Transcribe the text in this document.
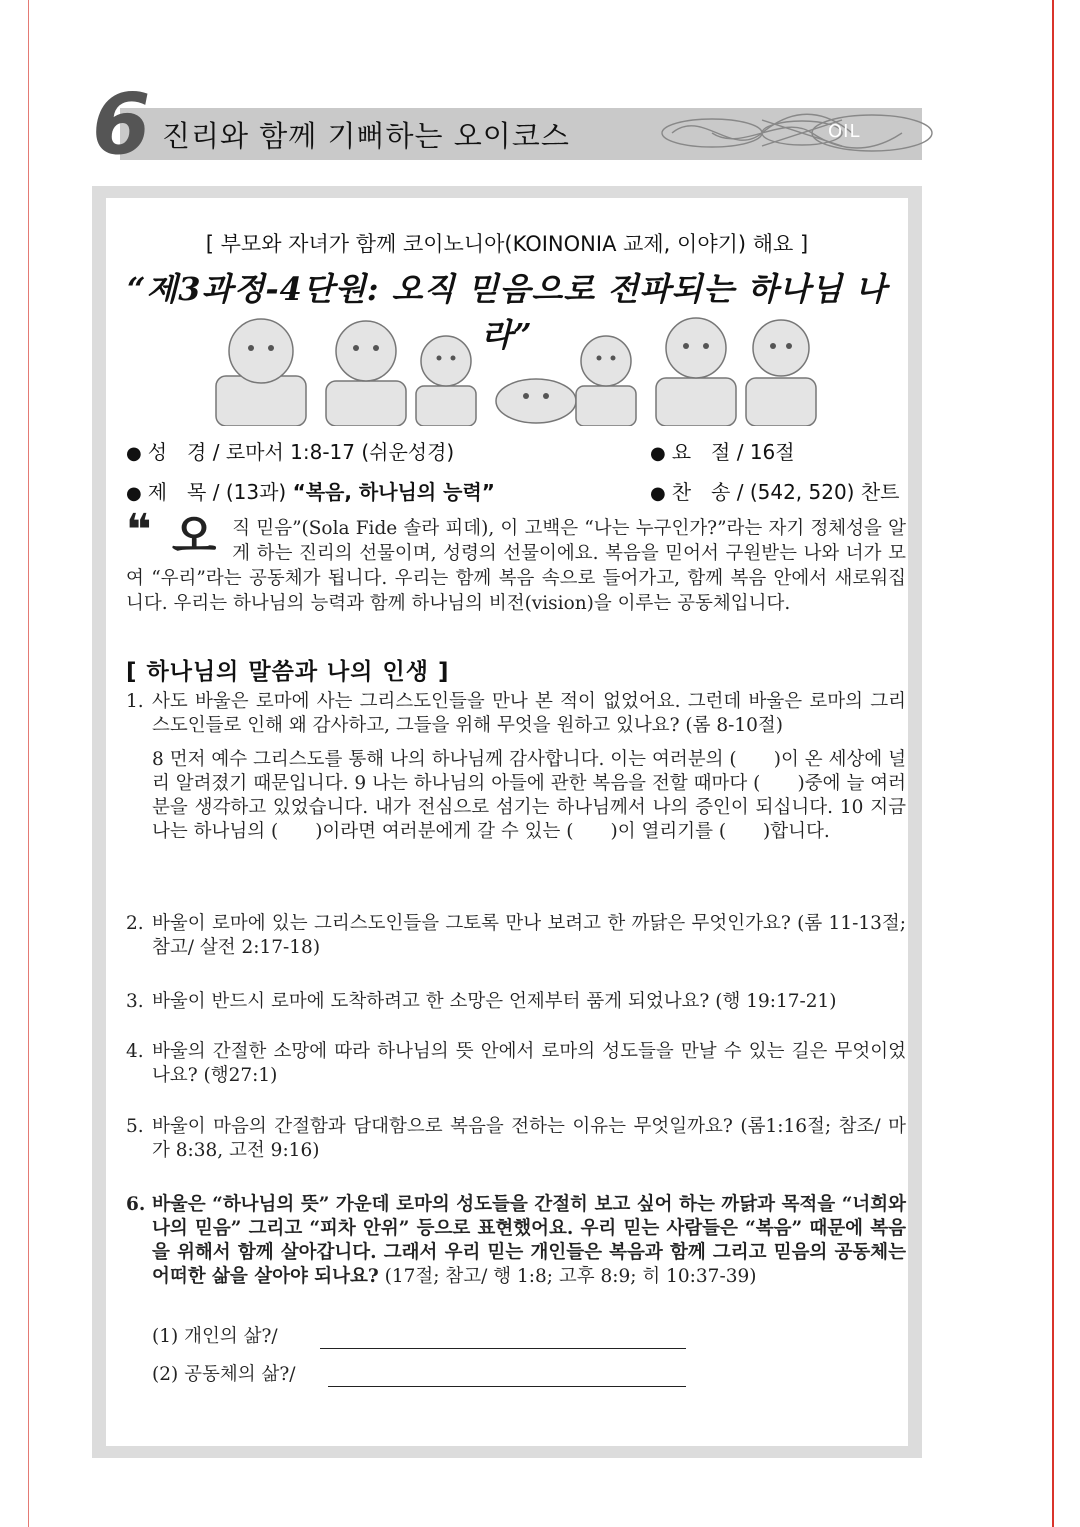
6 진리와 함께 기뻐하는 오이코스	OIL
[ 부모와 자녀가 함께 코이노니아(KOINONIA 교제, 이야기) 해요 ]
“제3과정-4단원: 오직 믿음으로 전파되는 하나님 나라”
● 성　경 / 로마서 1:8-17 (쉬운성경)	● 요　절 / 16절
● 제　목 / (13과) “복음, 하나님의 능력”	● 찬　송 / (542, 520) 찬트
❝ 오 직 믿음”(Sola Fide 솔라 피데), 이 고백은 “나는 누구인가?”라는 자기 정체성을 알게 하는 진리의 선물이며, 성령의 선물이에요. 복음을 믿어서 구원받는 나와 너가 모여 “우리”라는 공동체가 됩니다. 우리는 함께 복음 속으로 들어가고, 함께 복음 안에서 새로워집니다. 우리는 하나님의 능력과 함께 하나님의 비전(vision)을 이루는 공동체입니다.
[ 하나님의 말씀과 나의 인생 ]
1. 사도 바울은 로마에 사는 그리스도인들을 만나 본 적이 없었어요. 그런데 바울은 로마의 그리스도인들로 인해 왜 감사하고, 그들을 위해 무엇을 원하고 있나요? (롬 8-10절)
8 먼저 예수 그리스도를 통해 나의 하나님께 감사합니다. 이는 여러분의 (　　)이 온 세상에 널리 알려졌기 때문입니다. 9 나는 하나님의 아들에 관한 복음을 전할 때마다 (　　)중에 늘 여러분을 생각하고 있었습니다. 내가 전심으로 섬기는 하나님께서 나의 증인이 되십니다. 10 지금 나는 하나님의 (　　)이라면 여러분에게 갈 수 있는 (　　)이 열리기를 (　　)합니다.
2. 바울이 로마에 있는 그리스도인들을 그토록 만나 보려고 한 까닭은 무엇인가요? (롬 11-13절; 참고/ 살전 2:17-18)
3. 바울이 반드시 로마에 도착하려고 한 소망은 언제부터 품게 되었나요? (행 19:17-21)
4. 바울의 간절한 소망에 따라 하나님의 뜻 안에서 로마의 성도들을 만날 수 있는 길은 무엇이었나요? (행27:1)
5. 바울이 마음의 간절함과 담대함으로 복음을 전하는 이유는 무엇일까요? (롬1:16절; 참조/ 마가 8:38, 고전 9:16)
6. 바울은 “하나님의 뜻” 가운데 로마의 성도들을 간절히 보고 싶어 하는 까닭과 목적을 “너희와 나의 믿음” 그리고 “피차 안위” 등으로 표현했어요. 우리 믿는 사람들은 “복음” 때문에 복음을 위해서 함께 살아갑니다. 그래서 우리 믿는 개인들은 복음과 함께 그리고 믿음의 공동체는 어떠한 삶을 살아야 되나요? (17절; 참고/ 행 1:8; 고후 8:9; 히 10:37-39)
(1) 개인의 삶?/
(2) 공동체의 삶?/
